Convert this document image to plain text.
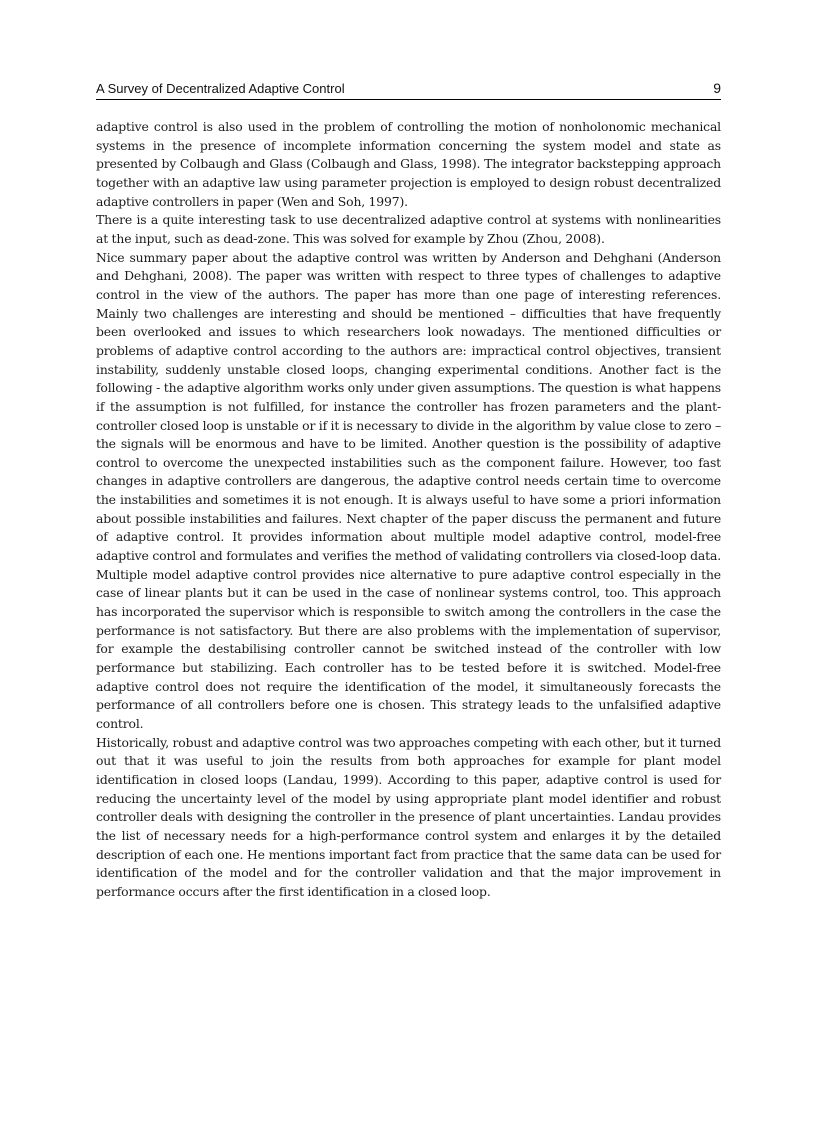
A Survey of Decentralized Adaptive Control	9

adaptive control is also used in the problem of controlling the motion of nonholonomic mechanical systems in the presence of incomplete information concerning the system model and state as presented by Colbaugh and Glass (Colbaugh and Glass, 1998). The integrator backstepping approach together with an adaptive law using parameter projection is employed to design robust decentralized adaptive controllers in paper (Wen and Soh, 1997).

There is a quite interesting task to use decentralized adaptive control at systems with nonlinearities at the input, such as dead-zone. This was solved for example by Zhou (Zhou, 2008).

Nice summary paper about the adaptive control was written by Anderson and Dehghani (Anderson and Dehghani, 2008). The paper was written with respect to three types of challenges to adaptive control in the view of the authors. The paper has more than one page of interesting references. Mainly two challenges are interesting and should be mentioned – difficulties that have frequently been overlooked and issues to which researchers look nowadays. The mentioned difficulties or problems of adaptive control according to the authors are: impractical control objectives, transient instability, suddenly unstable closed loops, changing experimental conditions. Another fact is the following - the adaptive algorithm works only under given assumptions. The question is what happens if the assumption is not fulfilled, for instance the controller has frozen parameters and the plant-controller closed loop is unstable or if it is necessary to divide in the algorithm by value close to zero – the signals will be enormous and have to be limited. Another question is the possibility of adaptive control to overcome the unexpected instabilities such as the component failure. However, too fast changes in adaptive controllers are dangerous, the adaptive control needs certain time to overcome the instabilities and sometimes it is not enough. It is always useful to have some a priori information about possible instabilities and failures. Next chapter of the paper discuss the permanent and future of adaptive control. It provides information about multiple model adaptive control, model-free adaptive control and formulates and verifies the method of validating controllers via closed-loop data. Multiple model adaptive control provides nice alternative to pure adaptive control especially in the case of linear plants but it can be used in the case of nonlinear systems control, too. This approach has incorporated the supervisor which is responsible to switch among the controllers in the case the performance is not satisfactory. But there are also problems with the implementation of supervisor, for example the destabilising controller cannot be switched instead of the controller with low performance but stabilizing. Each controller has to be tested before it is switched. Model-free adaptive control does not require the identification of the model, it simultaneously forecasts the performance of all controllers before one is chosen. This strategy leads to the unfalsified adaptive control.

Historically, robust and adaptive control was two approaches competing with each other, but it turned out that it was useful to join the results from both approaches for example for plant model identification in closed loops (Landau, 1999). According to this paper, adaptive control is used for reducing the uncertainty level of the model by using appropriate plant model identifier and robust controller deals with designing the controller in the presence of plant uncertainties. Landau provides the list of necessary needs for a high-performance control system and enlarges it by the detailed description of each one. He mentions important fact from practice that the same data can be used for identification of the model and for the controller validation and that the major improvement in performance occurs after the first identification in a closed loop.
